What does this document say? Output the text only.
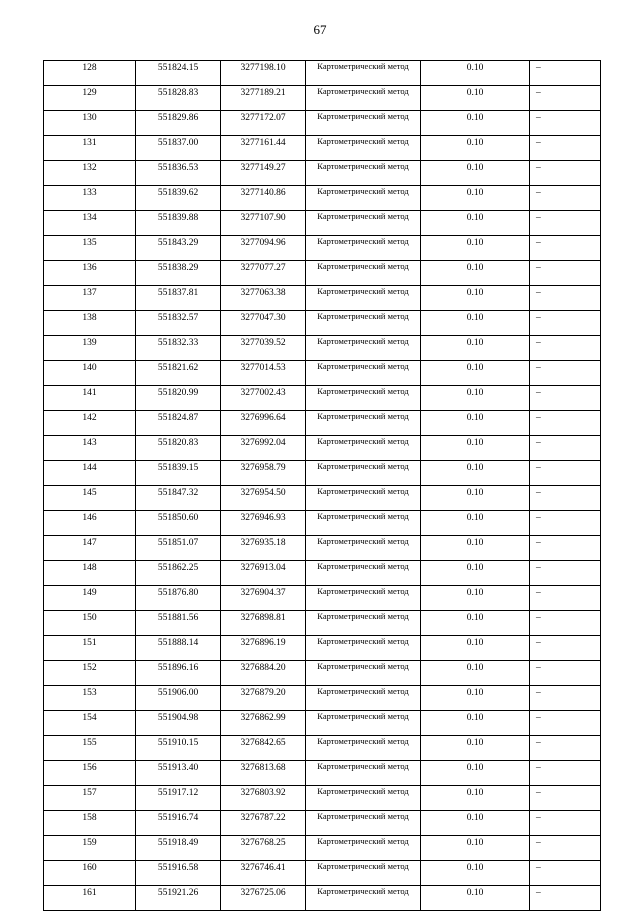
67
128	551824.15	3277198.10	Картометрический метод	0.10	–
129	551828.83	3277189.21	Картометрический метод	0.10	–
130	551829.86	3277172.07	Картометрический метод	0.10	–
131	551837.00	3277161.44	Картометрический метод	0.10	–
132	551836.53	3277149.27	Картометрический метод	0.10	–
133	551839.62	3277140.86	Картометрический метод	0.10	–
134	551839.88	3277107.90	Картометрический метод	0.10	–
135	551843.29	3277094.96	Картометрический метод	0.10	–
136	551838.29	3277077.27	Картометрический метод	0.10	–
137	551837.81	3277063.38	Картометрический метод	0.10	–
138	551832.57	3277047.30	Картометрический метод	0.10	–
139	551832.33	3277039.52	Картометрический метод	0.10	–
140	551821.62	3277014.53	Картометрический метод	0.10	–
141	551820.99	3277002.43	Картометрический метод	0.10	–
142	551824.87	3276996.64	Картометрический метод	0.10	–
143	551820.83	3276992.04	Картометрический метод	0.10	–
144	551839.15	3276958.79	Картометрический метод	0.10	–
145	551847.32	3276954.50	Картометрический метод	0.10	–
146	551850.60	3276946.93	Картометрический метод	0.10	–
147	551851.07	3276935.18	Картометрический метод	0.10	–
148	551862.25	3276913.04	Картометрический метод	0.10	–
149	551876.80	3276904.37	Картометрический метод	0.10	–
150	551881.56	3276898.81	Картометрический метод	0.10	–
151	551888.14	3276896.19	Картометрический метод	0.10	–
152	551896.16	3276884.20	Картометрический метод	0.10	–
153	551906.00	3276879.20	Картометрический метод	0.10	–
154	551904.98	3276862.99	Картометрический метод	0.10	–
155	551910.15	3276842.65	Картометрический метод	0.10	–
156	551913.40	3276813.68	Картометрический метод	0.10	–
157	551917.12	3276803.92	Картометрический метод	0.10	–
158	551916.74	3276787.22	Картометрический метод	0.10	–
159	551918.49	3276768.25	Картометрический метод	0.10	–
160	551916.58	3276746.41	Картометрический метод	0.10	–
161	551921.26	3276725.06	Картометрический метод	0.10	–
